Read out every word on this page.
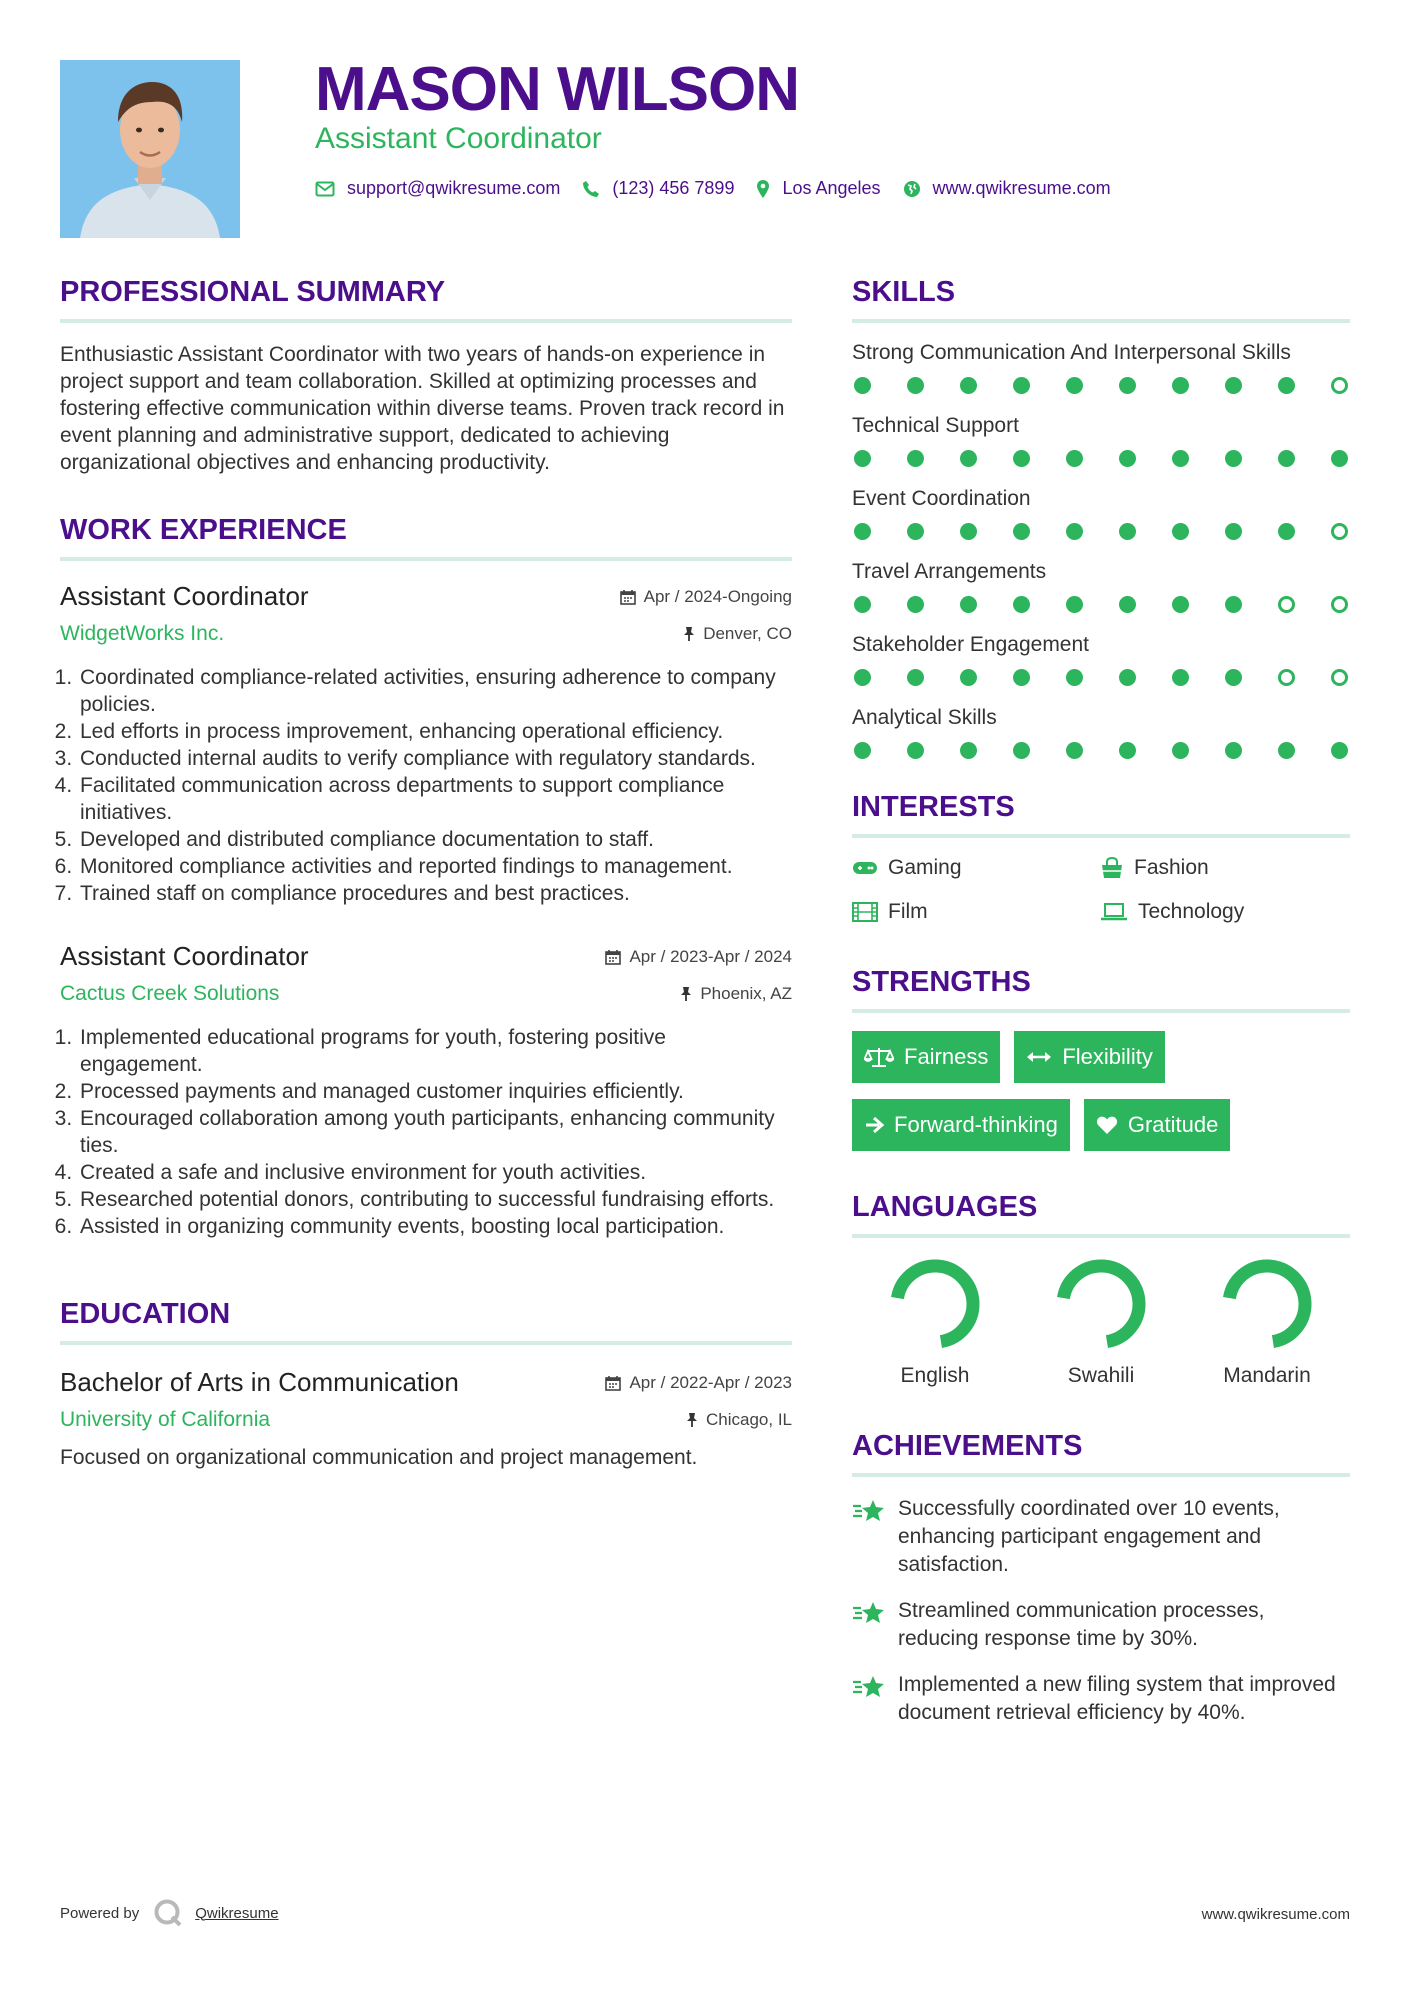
MASON WILSON
Assistant Coordinator
support@qwikresume.com	(123) 456 7899	Los Angeles	www.qwikresume.com
PROFESSIONAL SUMMARY

Enthusiastic Assistant Coordinator with two years of hands-on experience in project support and team collaboration. Skilled at optimizing processes and fostering effective communication within diverse teams. Proven track record in event planning and administrative support, dedicated to achieving organizational objectives and enhancing productivity.

WORK EXPERIENCE
Assistant Coordinator	Apr / 2024-Ongoing
WidgetWorks Inc.	Denver, CO
1. Coordinated compliance-related activities, ensuring adherence to company policies.
2. Led efforts in process improvement, enhancing operational efficiency.
3. Conducted internal audits to verify compliance with regulatory standards.
4. Facilitated communication across departments to support compliance initiatives.
5. Developed and distributed compliance documentation to staff.
6. Monitored compliance activities and reported findings to management.
7. Trained staff on compliance procedures and best practices.
Assistant Coordinator	Apr / 2023-Apr / 2024
Cactus Creek Solutions	Phoenix, AZ
1. Implemented educational programs for youth, fostering positive engagement.
2. Processed payments and managed customer inquiries efficiently.
3. Encouraged collaboration among youth participants, enhancing community ties.
4. Created a safe and inclusive environment for youth activities.
5. Researched potential donors, contributing to successful fundraising efforts.
6. Assisted in organizing community events, boosting local participation.
EDUCATION
Bachelor of Arts in Communication	Apr / 2022-Apr / 2023
University of California	Chicago, IL

Focused on organizational communication and project management.

SKILLS
Strong Communication And Interpersonal Skills
Technical Support
Event Coordination
Travel Arrangements
Stakeholder Engagement
Analytical Skills
INTERESTS
Gaming	Fashion
Film	Technology
STRENGTHS
Fairness	Flexibility
Forward-thinking	Gratitude
LANGUAGES
English	Swahili	Mandarin
ACHIEVEMENTS
Successfully coordinated over 10 events, enhancing participant engagement and satisfaction.
Streamlined communication processes, reducing response time by 30%.
Implemented a new filing system that improved document retrieval efficiency by 40%.
Powered by	Qwikresume	www.qwikresume.com
